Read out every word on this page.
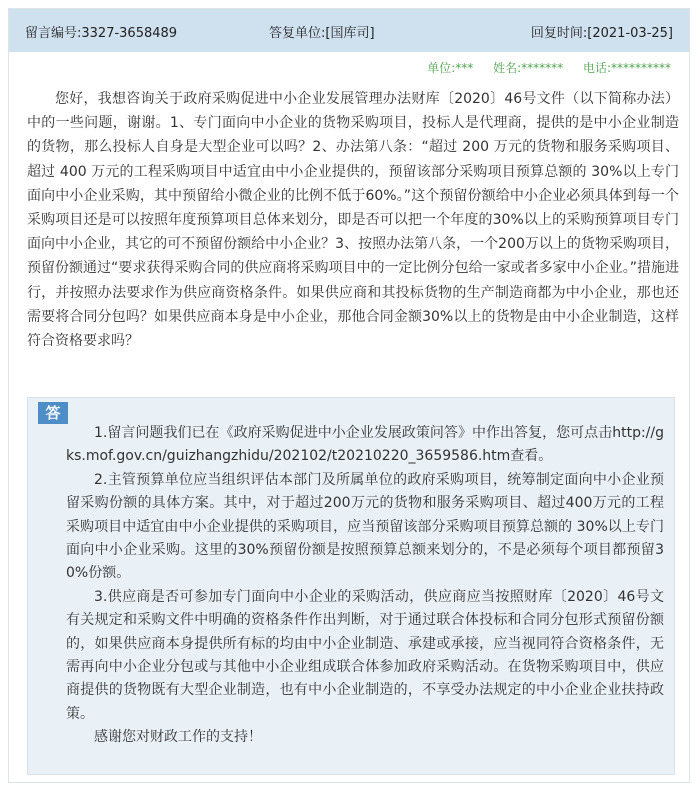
留言编号:3327-3658489	答复单位:[国库司]	回复时间:[2021-03-25]
单位:*** 姓名:******* 电话:**********

您好，我想咨询关于政府采购促进中小企业发展管理办法财库〔2020〕46号文件（以下简称办法）中的一些问题，谢谢。1、专门面向中小企业的货物采购项目，投标人是代理商，提供的是中小企业制造的货物，那么投标人自身是大型企业可以吗？2、办法第八条：“超过 200 万元的货物和服务采购项目、超过 400 万元的工程采购项目中适宜由中小企业提供的，预留该部分采购项目预算总额的 30%以上专门面向中小企业采购，其中预留给小微企业的比例不低于60%。”这个预留份额给中小企业必须具体到每一个采购项目还是可以按照年度预算项目总体来划分，即是否可以把一个年度的30%以上的采购预算项目专门面向中小企业，其它的可不预留份额给中小企业？3、按照办法第八条，一个200万以上的货物采购项目，预留份额通过“要求获得采购合同的供应商将采购项目中的一定比例分包给一家或者多家中小企业。”措施进行，并按照办法要求作为供应商资格条件。如果供应商和其投标货物的生产制造商都为中小企业，那也还需要将合同分包吗？如果供应商本身是中小企业，那他合同金额30%以上的货物是由中小企业制造，这样符合资格要求吗？

答

1.留言问题我们已在《政府采购促进中小企业发展政策问答》中作出答复，您可点击http://gks.mof.gov.cn/guizhangzhidu/202102/t20210220_3659586.htm查看。

2.主管预算单位应当组织评估本部门及所属单位的政府采购项目，统筹制定面向中小企业预留采购份额的具体方案。其中，对于超过200万元的货物和服务采购项目、超过400万元的工程采购项目中适宜由中小企业提供的采购项目，应当预留该部分采购项目预算总额的 30%以上专门面向中小企业采购。这里的30%预留份额是按照预算总额来划分的，不是必须每个项目都预留30%份额。

3.供应商是否可参加专门面向中小企业的采购活动，供应商应当按照财库〔2020〕46号文有关规定和采购文件中明确的资格条件作出判断，对于通过联合体投标和合同分包形式预留份额的，如果供应商本身提供所有标的均由中小企业制造、承建或承接，应当视同符合资格条件，无需再向中小企业分包或与其他中小企业组成联合体参加政府采购活动。在货物采购项目中，供应商提供的货物既有大型企业制造，也有中小企业制造的，不享受办法规定的中小企业企业扶持政策。

感谢您对财政工作的支持！
